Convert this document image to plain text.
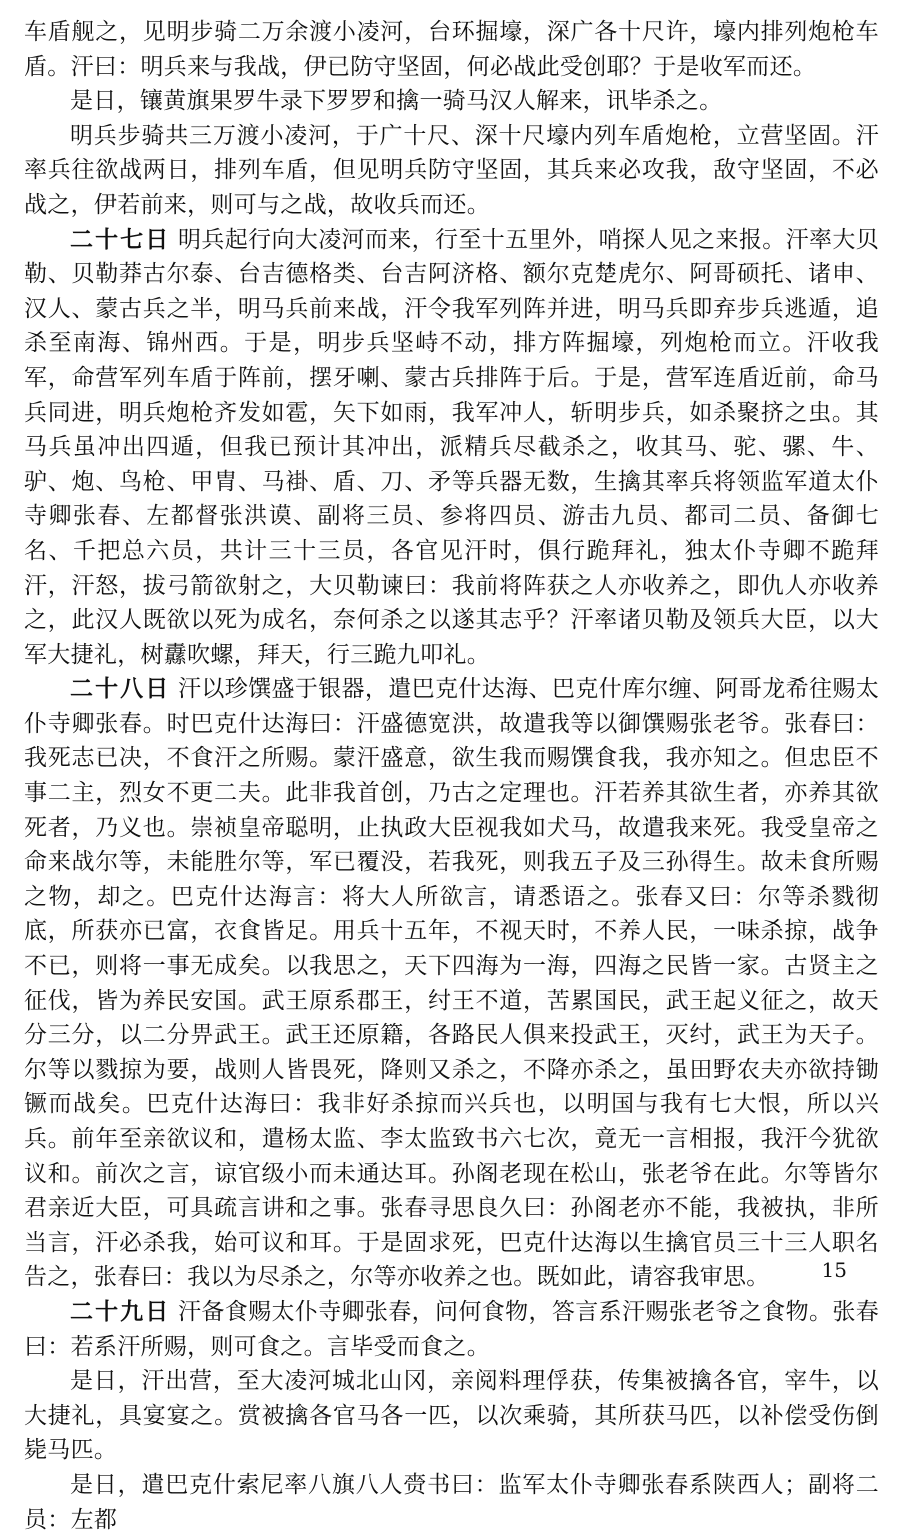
车盾舰之，见明步骑二万余渡小凌河，台环掘壕，深广各十尺许，壕内排列炮枪车盾。汗曰：明兵来与我战，伊已防守坚固，何必战此受创耶？于是收军而还。

是日，镶黄旗果罗牛录下罗罗和擒一骑马汉人解来，讯毕杀之。

明兵步骑共三万渡小凌河，于广十尺、深十尺壕内列车盾炮枪，立营坚固。汗率兵往欲战两日，排列车盾，但见明兵防守坚固，其兵来必攻我，敌守坚固，不必战之，伊若前来，则可与之战，故收兵而还。

二十七日 明兵起行向大凌河而来，行至十五里外，哨探人见之来报。汗率大贝勒、贝勒莽古尔泰、台吉德格类、台吉阿济格、额尔克楚虎尔、阿哥硕托、诸申、汉人、蒙古兵之半，明马兵前来战，汗令我军列阵并进，明马兵即弃步兵逃遁，追杀至南海、锦州西。于是，明步兵坚峙不动，排方阵掘壕，列炮枪而立。汗收我军，命营军列车盾于阵前，摆牙喇、蒙古兵排阵于后。于是，营军连盾近前，命马兵同进，明兵炮枪齐发如雹，矢下如雨，我军冲人，斩明步兵，如杀聚挤之虫。其马兵虽冲出四遁，但我已预计其冲出，派精兵尽截杀之，收其马、驼、骡、牛、驴、炮、鸟枪、甲胄、马褂、盾、刀、矛等兵器无数，生擒其率兵将领监军道太仆寺卿张春、左都督张洪谟、副将三员、参将四员、游击九员、都司二员、备御七名、千把总六员，共计三十三员，各官见汗时，俱行跪拜礼，独太仆寺卿不跪拜汗，汗怒，拔弓箭欲射之，大贝勒谏曰：我前将阵获之人亦收养之，即仇人亦收养之，此汉人既欲以死为成名，奈何杀之以遂其志乎？汗率诸贝勒及领兵大臣，以大军大捷礼，树纛吹螺，拜天，行三跪九叩礼。

二十八日 汗以珍馔盛于银器，遣巴克什达海、巴克什库尔缠、阿哥龙希往赐太仆寺卿张春。时巴克什达海曰：汗盛德宽洪，故遣我等以御馔赐张老爷。张春曰：我死志已决，不食汗之所赐。蒙汗盛意，欲生我而赐馔食我，我亦知之。但忠臣不事二主，烈女不更二夫。此非我首创，乃古之定理也。汗若养其欲生者，亦养其欲死者，乃义也。崇祯皇帝聪明，止执政大臣视我如犬马，故遣我来死。我受皇帝之命来战尔等，未能胜尔等，军已覆没，若我死，则我五子及三孙得生。故未食所赐之物，却之。巴克什达海言：将大人所欲言，请悉语之。张春又曰：尔等杀戮彻底，所获亦已富，衣食皆足。用兵十五年，不视天时，不养人民，一味杀掠，战争不已，则将一事无成矣。以我思之，天下四海为一海，四海之民皆一家。古贤主之征伐，皆为养民安国。武王原系郡王，纣王不道，苦累国民，武王起义征之，故天分三分，以二分畀武王。武王还原籍，各路民人俱来投武王，灭纣，武王为天子。尔等以戮掠为要，战则人皆畏死，降则又杀之，不降亦杀之，虽田野农夫亦欲持锄镢而战矣。巴克什达海曰：我非好杀掠而兴兵也，以明国与我有七大恨，所以兴兵。前年至亲欲议和，遣杨太监、李太监致书六七次，竟无一言相报，我汗今犹欲议和。前次之言，谅官级小而未通达耳。孙阁老现在松山，张老爷在此。尔等皆尔君亲近大臣，可具疏言讲和之事。张春寻思良久曰：孙阁老亦不能，我被执，非所当言，汗必杀我，始可议和耳。于是固求死，巴克什达海以生擒官员三十三人职名告之，张春曰：我以为尽杀之，尔等亦收养之也。既如此，请容我审思。

二十九日 汗备食赐太仆寺卿张春，问何食物，答言系汗赐张老爷之食物。张春曰：若系汗所赐，则可食之。言毕受而食之。

是日，汗出营，至大凌河城北山冈，亲阅料理俘获，传集被擒各官，宰牛，以大捷礼，具宴宴之。赏被擒各官马各一匹，以次乘骑，其所获马匹，以补偿受伤倒毙马匹。

是日，遣巴克什索尼率八旗八人赍书曰：监军太仆寺卿张春系陕西人；副将二员：左都

15
